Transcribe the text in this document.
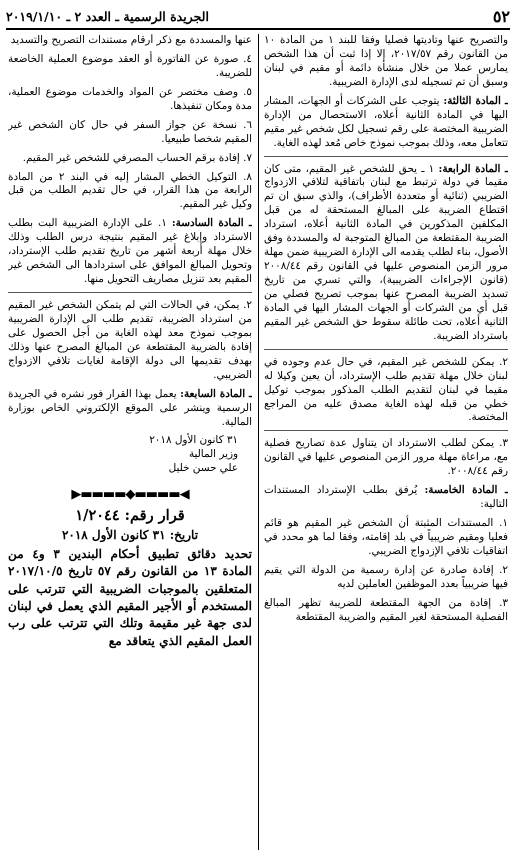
٥٢
الجريدة الرسمية ـ العدد ٢ ـ ٢٠١٩/١/١٠

والتصريح عنها وتأديتها فصليا وفقا للبند ١ من المادة ١٠ من القانون رقم ٢٠١٧/٥٧، إلا إذا ثبت أن هذا الشخص يمارس عملا من خلال منشأة دائمة أو مقيم في لبنان وسبق أن تم تسجيله لدى الإدارة الضريبية.

ـ المادة الثالثة: يتوجب على الشركات أو الجهات، المشار اليها في المادة الثانية أعلاه، الاستحصال من الإدارة الضريبية المختصة على رقم تسجيل لكل شخص غير مقيم تتعامل معه، وذلك بموجب نموذج خاص مُعد لهذه الغاية.

ـ المادة الرابعة: ١ ـ يحق للشخص غير المقيم، متى كان مقيما في دولة ترتبط مع لبنان باتفاقية لتلافي الازدواج الضريبي (ثنائية أو متعددة الأطراف)، والذي سبق ان تم اقتطاع الضريبة على المبالغ المستحقة له من قبل المكلفين المذكورين في المادة الثانية أعلاه، استرداد الضريبة المقتطعة من المبالغ المتوجبة له والمسددة وفق الأصول، بناء لطلب يقدمه الى الإدارة الضريبية ضمن مهلة مرور الزمن المنصوص عليها في القانون رقم ٢٠٠٨/٤٤ (قانون الإجراءات الضريبية)، والتي تسري من تاريخ تسديد الضريبة المصرح عنها بموجب تصريح فصلي من قبل أي من الشركات أو الجهات المشار اليها في المادة الثانية أعلاه، تحت طائلة سقوط حق الشخص غير المقيم باسترداد الضريبة.

٢. يمكن للشخص غير المقيم، في حال عدم وجوده في لبنان خلال مهلة تقديم طلب الإسترداد، أن يعين وكيلا له مقيما في لبنان لتقديم الطلب المذكور بموجب توكيل خطي من قبله لهذه الغاية مصدق عليه من المراجع المختصة.

٣. يمكن لطلب الاسترداد ان يتناول عدة تصاريح فصلية مع، مراعاة مهلة مرور الزمن المنصوص عليها في القانون رقم ٢٠٠٨/٤٤.

ـ المادة الخامسة: يُرفق بطلب الإسترداد المستندات التالية:

١. المستندات المثبتة أن الشخص غير المقيم هو قائم فعليا ومقيم ضريبياً في بلد إقامته، وفقا لما هو محدد في اتفاقيات تلافي الإزدواج الضريبي.

٢. إفادة صادرة عن إدارة رسمية من الدولة التي يقيم فيها ضريبياً بعدد الموظفين العاملين لديه

٣. إفادة من الجهة المقتطعة للضريبة تظهر المبالغ الفصلية المستحقة لغير المقيم والضريبة المقتطعة

عنها والمسددة مع ذكر أرقام مستندات التصريح والتسديد

٤. صورة عن الفاتورة أو العقد موضوع العملية الخاضعة للضريبة.

٥. وصف مختصر عن المواد والخدمات موضوع العملية، مدة ومكان تنفيذها.

٦. نسخة عن جواز السفر في حال كان الشخص غير المقيم شخصا طبيعيا.

٧. إفادة برقم الحساب المصرفي للشخص غير المقيم.

٨. التوكيل الخطي المشار إليه في البند ٢ من المادة الرابعة من هذا القرار، في حال تقديم الطلب من قبل وكيل غير المقيم.

ـ المادة السادسة: ١. على الإدارة الضريبية البت بطلب الاسترداد وإبلاغ غير المقيم بنتيجة درس الطلب وذلك خلال مهلة أربعة أشهر من تاريخ تقديم طلب الإسترداد، وتحويل المبالغ الموافق على استردادها الى الشخص غير المقيم بعد تنزيل مصاريف التحويل منها.

٢. يمكن، في الحالات التي لم يتمكن الشخص غير المقيم من استرداد الضريبة، تقديم طلب الى الإدارة الضريبية بموجب نموذج معد لهذه الغاية من أجل الحصول على إفادة بالضريبة المقتطعة عن المبالغ المصرح عنها وذلك بهدف تقديمها الى دولة الإقامة لغايات تلافي الازدواج الضريبي.

ـ المادة السابعة: يعمل بهذا القرار فور نشره في الجريدة الرسمية وينشر على الموقع الإلكتروني الخاص بوزارة المالية.

٣١ كانون الأول ٢٠١٨
وزير المالية
علي حسن خليل
◀▬▬▬▬◆▬▬▬▬▶
قرار رقم: ١/٢٠٤٤
تاريخ: ٣١ كانون الأول ٢٠١٨
تحديد دقائق تطبيق أحكام البندين ٣ و٤ من المادة ١٣ من القانون رقم ٥٧ تاريخ ٢٠١٧/١٠/٥ المتعلقين بالموجبات الضريبية التي تترتب على المستخدم أو الأجير المقيم الذي يعمل في لبنان لدى جهة غير مقيمة وتلك التي تترتب على رب العمل المقيم الذي يتعاقد مع
